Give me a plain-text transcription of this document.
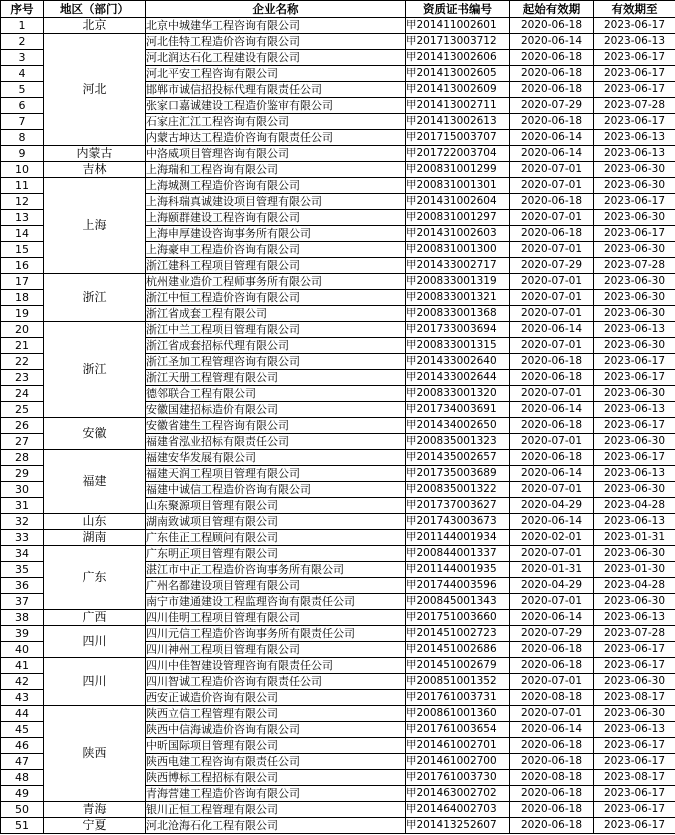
序号	地区（部门）	企业名称	资质证书编号	起始有效期	有效期至
1	北京	北京中城建华工程咨询有限公司	甲201411002601	2020-06-18	2023-06-17
2	河北	河北佳特工程造价咨询有限公司	甲201713003712	2020-06-14	2023-06-13
3		河北润达石化工程建设有限公司	甲201413002606	2020-06-18	2023-06-17
4		河北平安工程咨询有限公司	甲201413002605	2020-06-18	2023-06-17
5		邯郸市诚信招投标代理有限责任公司	甲201413002609	2020-06-18	2023-06-17
6		张家口嘉诚建设工程造价鉴审有限公司	甲201413002711	2020-07-29	2023-07-28
7		石家庄汇江工程咨询有限公司	甲201413002613	2020-06-18	2023-06-17
8		内蒙古坤达工程造价咨询有限责任公司	甲201715003707	2020-06-14	2023-06-13
9	内蒙古	中洛威项目管理咨询有限公司	甲201722003704	2020-06-14	2023-06-13
10	吉林	上海瑞和工程咨询有限公司	甲200831001299	2020-07-01	2023-06-30
11	上海	上海城测工程造价咨询有限公司	甲200831001301	2020-07-01	2023-06-30
12		上海科瑞真诚建设项目管理有限公司	甲201431002604	2020-06-18	2023-06-17
13		上海颐群建设工程咨询有限公司	甲200831001297	2020-07-01	2023-06-30
14		上海申厚建设咨询事务所有限公司	甲201431002603	2020-06-18	2023-06-17
15		上海豪申工程造价咨询有限公司	甲200831001300	2020-07-01	2023-06-30
16		浙江建科工程项目管理有限公司	甲201433002717	2020-07-29	2023-07-28
17	浙江	杭州建业造价工程师事务所有限公司	甲200833001319	2020-07-01	2023-06-30
18		浙江中恒工程造价咨询有限公司	甲200833001321	2020-07-01	2023-06-30
19		浙江省成套工程有限公司	甲200833001368	2020-07-01	2023-06-30
20	浙江	浙江中兰工程项目管理有限公司	甲201733003694	2020-06-14	2023-06-13
21		浙江省成套招标代理有限公司	甲200833001315	2020-07-01	2023-06-30
22		浙江圣加工程管理咨询有限公司	甲201433002640	2020-06-18	2023-06-17
23		浙江天册工程管理有限公司	甲201433002644	2020-06-18	2023-06-17
24		德邻联合工程有限公司	甲200833001320	2020-07-01	2023-06-30
25		安徽国建招标造价有限公司	甲201734003691	2020-06-14	2023-06-13
26	安徽	安徽省建生工程咨询有限公司	甲201434002650	2020-06-18	2023-06-17
27		福建省泓业招标有限责任公司	甲200835001323	2020-07-01	2023-06-30
28	福建	福建安华发展有限公司	甲201435002657	2020-06-18	2023-06-17
29		福建天润工程项目管理有限公司	甲201735003689	2020-06-14	2023-06-13
30		福建中诚信工程造价咨询有限公司	甲200835001322	2020-07-01	2023-06-30
31		山东聚源项目管理有限公司	甲201737003627	2020-04-29	2023-04-28
32	山东	湖南致诚项目管理有限公司	甲201743003673	2020-06-14	2023-06-13
33	湖南	广东佳正工程顾问有限公司	甲201144001934	2020-02-01	2023-01-31
34	广东	广东明正项目管理有限公司	甲200844001337	2020-07-01	2023-06-30
35		湛江市中正工程造价咨询事务所有限公司	甲201144001935	2020-01-31	2023-01-30
36		广州名都建设项目管理有限公司	甲201744003596	2020-04-29	2023-04-28
37		南宁市建通建设工程监理咨询有限责任公司	甲200845001343	2020-07-01	2023-06-30
38	广西	四川佳明工程项目管理有限公司	甲201751003660	2020-06-14	2023-06-13
39	四川	四川元信工程造价咨询事务所有限责任公司	甲201451002723	2020-07-29	2023-07-28
40		四川神州工程项目管理有限公司	甲201451002686	2020-06-18	2023-06-17
41	四川	四川中佳智建设管理咨询有限责任公司	甲201451002679	2020-06-18	2023-06-17
42		四川智诚工程造价咨询有限责任公司	甲200851001352	2020-07-01	2023-06-30
43		西安正诚造价咨询有限公司	甲201761003731	2020-08-18	2023-08-17
44	陕西	陕西立信工程管理有限公司	甲200861001360	2020-07-01	2023-06-30
45		陕西中信海诚造价咨询有限公司	甲201761003654	2020-06-14	2023-06-13
46		中昕国际项目管理有限公司	甲201461002701	2020-06-18	2023-06-17
47		陕西电建工程咨询有限责任公司	甲201461002700	2020-06-18	2023-06-17
48		陕西博标工程招标有限公司	甲201761003730	2020-08-18	2023-08-17
49		青海营建工程造价咨询有限公司	甲201463002702	2020-06-18	2023-06-17
50	青海	银川正恒工程管理有限公司	甲201464002703	2020-06-18	2023-06-17
51	宁夏	河北沧海石化工程有限公司	甲201413252607	2020-06-18	2023-06-17
